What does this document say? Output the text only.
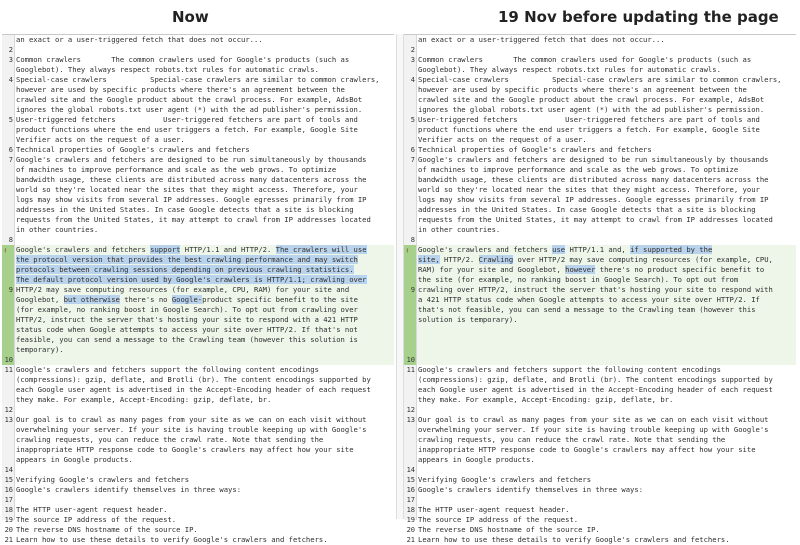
Now	19 Nov before updating the page
⬆
an exact or a user-triggered fetch that does not occur...
Common crawlers       The common crawlers used for Google's products (such as
Googlebot). They always respect robots.txt rules for automatic crawls.
Special-case crawlers          Special-case crawlers are similar to common crawlers,
however are used by specific products where there's an agreement between the
crawled site and the Google product about the crawl process. For example, AdsBot
ignores the global robots.txt user agent (*) with the ad publisher's permission.
User-triggered fetchers           User-triggered fetchers are part of tools and
product functions where the end user triggers a fetch. For example, Google Site
Verifier acts on the request of a user.
Technical properties of Google's crawlers and fetchers
Google's crawlers and fetchers are designed to be run simultaneously by thousands
of machines to improve performance and scale as the web grows. To optimize
bandwidth usage, these clients are distributed across many datacenters across the
world so they're located near the sites that they might access. Therefore, your
logs may show visits from several IP addresses. Google egresses primarily from IP
addresses in the United States. In case Google detects that a site is blocking
requests from the United States, it may attempt to crawl from IP addresses located
in other countries.
Google's crawlers and fetchers support HTTP/1.1 and HTTP/2. The crawlers will use
the protocol version that provides the best crawling performance and may switch
protocols between crawling sessions depending on previous crawling statistics.
The default protocol version used by Google's crawlers is HTTP/1.1; crawling over
HTTP/2 may save computing resources (for example, CPU, RAM) for your site and
Googlebot, but otherwise there's no Google-product specific benefit to the site
(for example, no ranking boost in Google Search). To opt out from crawling over
HTTP/2, instruct the server that's hosting your site to respond with a 421 HTTP
status code when Google attempts to access your site over HTTP/2. If that's not
feasible, you can send a message to the Crawling team (however this solution is
temporary).
Google's crawlers and fetchers support the following content encodings
(compressions): gzip, deflate, and Brotli (br). The content encodings supported by
each Google user agent is advertised in the Accept-Encoding header of each request
they make. For example, Accept-Encoding: gzip, deflate, br.
Our goal is to crawl as many pages from your site as we can on each visit without
overwhelming your server. If your site is having trouble keeping up with Google's
crawling requests, you can reduce the crawl rate. Note that sending the
inappropriate HTTP response code to Google's crawlers may affect how your site
appears in Google products.
Verifying Google's crawlers and fetchers
Google's crawlers identify themselves in three ways:
The HTTP user-agent request header.
The source IP address of the request.
The reverse DNS hostname of the source IP.
Learn how to use these details to verify Google's crawlers and fetchers.
2
3
4
5
6
7
8
9
10
11
12
13
14
15
16
17
18
19
20
21
⬆
an exact or a user-triggered fetch that does not occur...
Common crawlers       The common crawlers used for Google's products (such as
Googlebot). They always respect robots.txt rules for automatic crawls.
Special-case crawlers          Special-case crawlers are similar to common crawlers,
however are used by specific products where there's an agreement between the
crawled site and the Google product about the crawl process. For example, AdsBot
ignores the global robots.txt user agent (*) with the ad publisher's permission.
User-triggered fetchers           User-triggered fetchers are part of tools and
product functions where the end user triggers a fetch. For example, Google Site
Verifier acts on the request of a user.
Technical properties of Google's crawlers and fetchers
Google's crawlers and fetchers are designed to be run simultaneously by thousands
of machines to improve performance and scale as the web grows. To optimize
bandwidth usage, these clients are distributed across many datacenters across the
world so they're located near the sites that they might access. Therefore, your
logs may show visits from several IP addresses. Google egresses primarily from IP
addresses in the United States. In case Google detects that a site is blocking
requests from the United States, it may attempt to crawl from IP addresses located
in other countries.
Google's crawlers and fetchers use HTTP/1.1 and, if supported by the
site, HTTP/2. Crawling over HTTP/2 may save computing resources (for example, CPU,
RAM) for your site and Googlebot, however there's no product specific benefit to
the site (for example, no ranking boost in Google Search). To opt out from
crawling over HTTP/2, instruct the server that's hosting your site to respond with
a 421 HTTP status code when Google attempts to access your site over HTTP/2. If
that's not feasible, you can send a message to the Crawling team (however this
solution is temporary).
Google's crawlers and fetchers support the following content encodings
(compressions): gzip, deflate, and Brotli (br). The content encodings supported by
each Google user agent is advertised in the Accept-Encoding header of each request
they make. For example, Accept-Encoding: gzip, deflate, br.
Our goal is to crawl as many pages from your site as we can on each visit without
overwhelming your server. If your site is having trouble keeping up with Google's
crawling requests, you can reduce the crawl rate. Note that sending the
inappropriate HTTP response code to Google's crawlers may affect how your site
appears in Google products.
Verifying Google's crawlers and fetchers
Google's crawlers identify themselves in three ways:
The HTTP user-agent request header.
The source IP address of the request.
The reverse DNS hostname of the source IP.
Learn how to use these details to verify Google's crawlers and fetchers.
2
3
4
5
6
7
8
9
10
11
12
13
14
15
16
17
18
19
20
21
